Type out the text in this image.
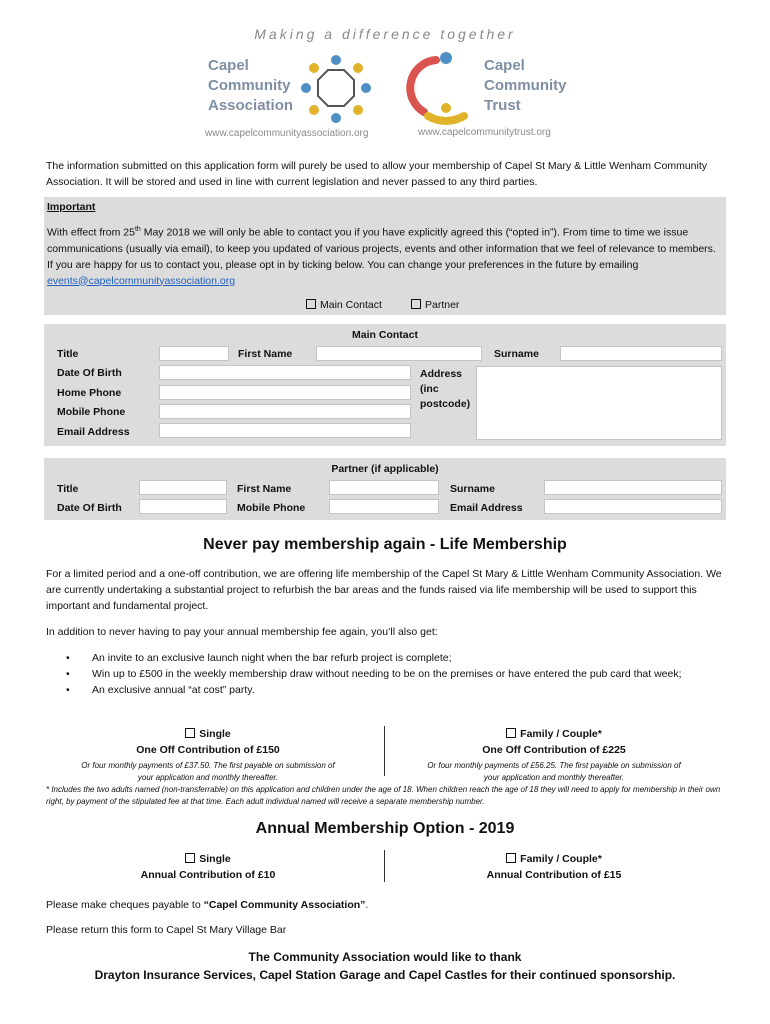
Making a difference together
Capel
Community
Association
Capel
Community
Trust
www.capelcommunityassociation.org	www.capelcommunitytrust.org
The information submitted on this application form will purely be used to allow your membership of Capel St Mary & Little Wenham Community Association. It will be stored and used in line with current legislation and never passed to any third parties.
Important
With effect from 25th May 2018 we will only be able to contact you if you have explicitly agreed this (“opted in”). From time to time we issue communications (usually via email), to keep you updated of various projects, events and other information that we feel of relevance to members. If you are happy for us to contact you, please opt in by ticking below. You can change your preferences in the future by emailing events@capelcommunityassociation.org
Main Contact	Partner
Main Contact
Title	First Name	Surname
Date Of Birth	Address
(inc
postcode)
Home Phone
Mobile Phone
Email Address
Partner (if applicable)
Title	First Name	Surname
Date Of Birth	Mobile Phone	Email Address
Never pay membership again - Life Membership
For a limited period and a one-off contribution, we are offering life membership of the Capel St Mary & Little Wenham Community Association. We are currently undertaking a substantial project to refurbish the bar areas and the funds raised via life membership will be used to support this important and fundamental project.
In addition to never having to pay your annual membership fee again, you’ll also get:
• An invite to an exclusive launch night when the bar refurb project is complete;
• Win up to £500 in the weekly membership draw without needing to be on the premises or have entered the pub card that week;
• An exclusive annual “at cost” party.
Single
One Off Contribution of £150
Or four monthly payments of £37.50. The first payable on submission of your application and monthly thereafter.
Family / Couple*
One Off Contribution of £225
Or four monthly payments of £56.25. The first payable on submission of your application and monthly thereafter.
* Includes the two adults named (non-transferrable) on this application and children under the age of 18. When children reach the age of 18 they will need to apply for membership in their own right, by payment of the stipulated fee at that time. Each adult individual named will receive a separate membership number.
Annual Membership Option - 2019
Single
Annual Contribution of £10
Family / Couple*
Annual Contribution of £15
Please make cheques payable to “Capel Community Association”.
Please return this form to Capel St Mary Village Bar
The Community Association would like to thank
Drayton Insurance Services, Capel Station Garage and Capel Castles for their continued sponsorship.
